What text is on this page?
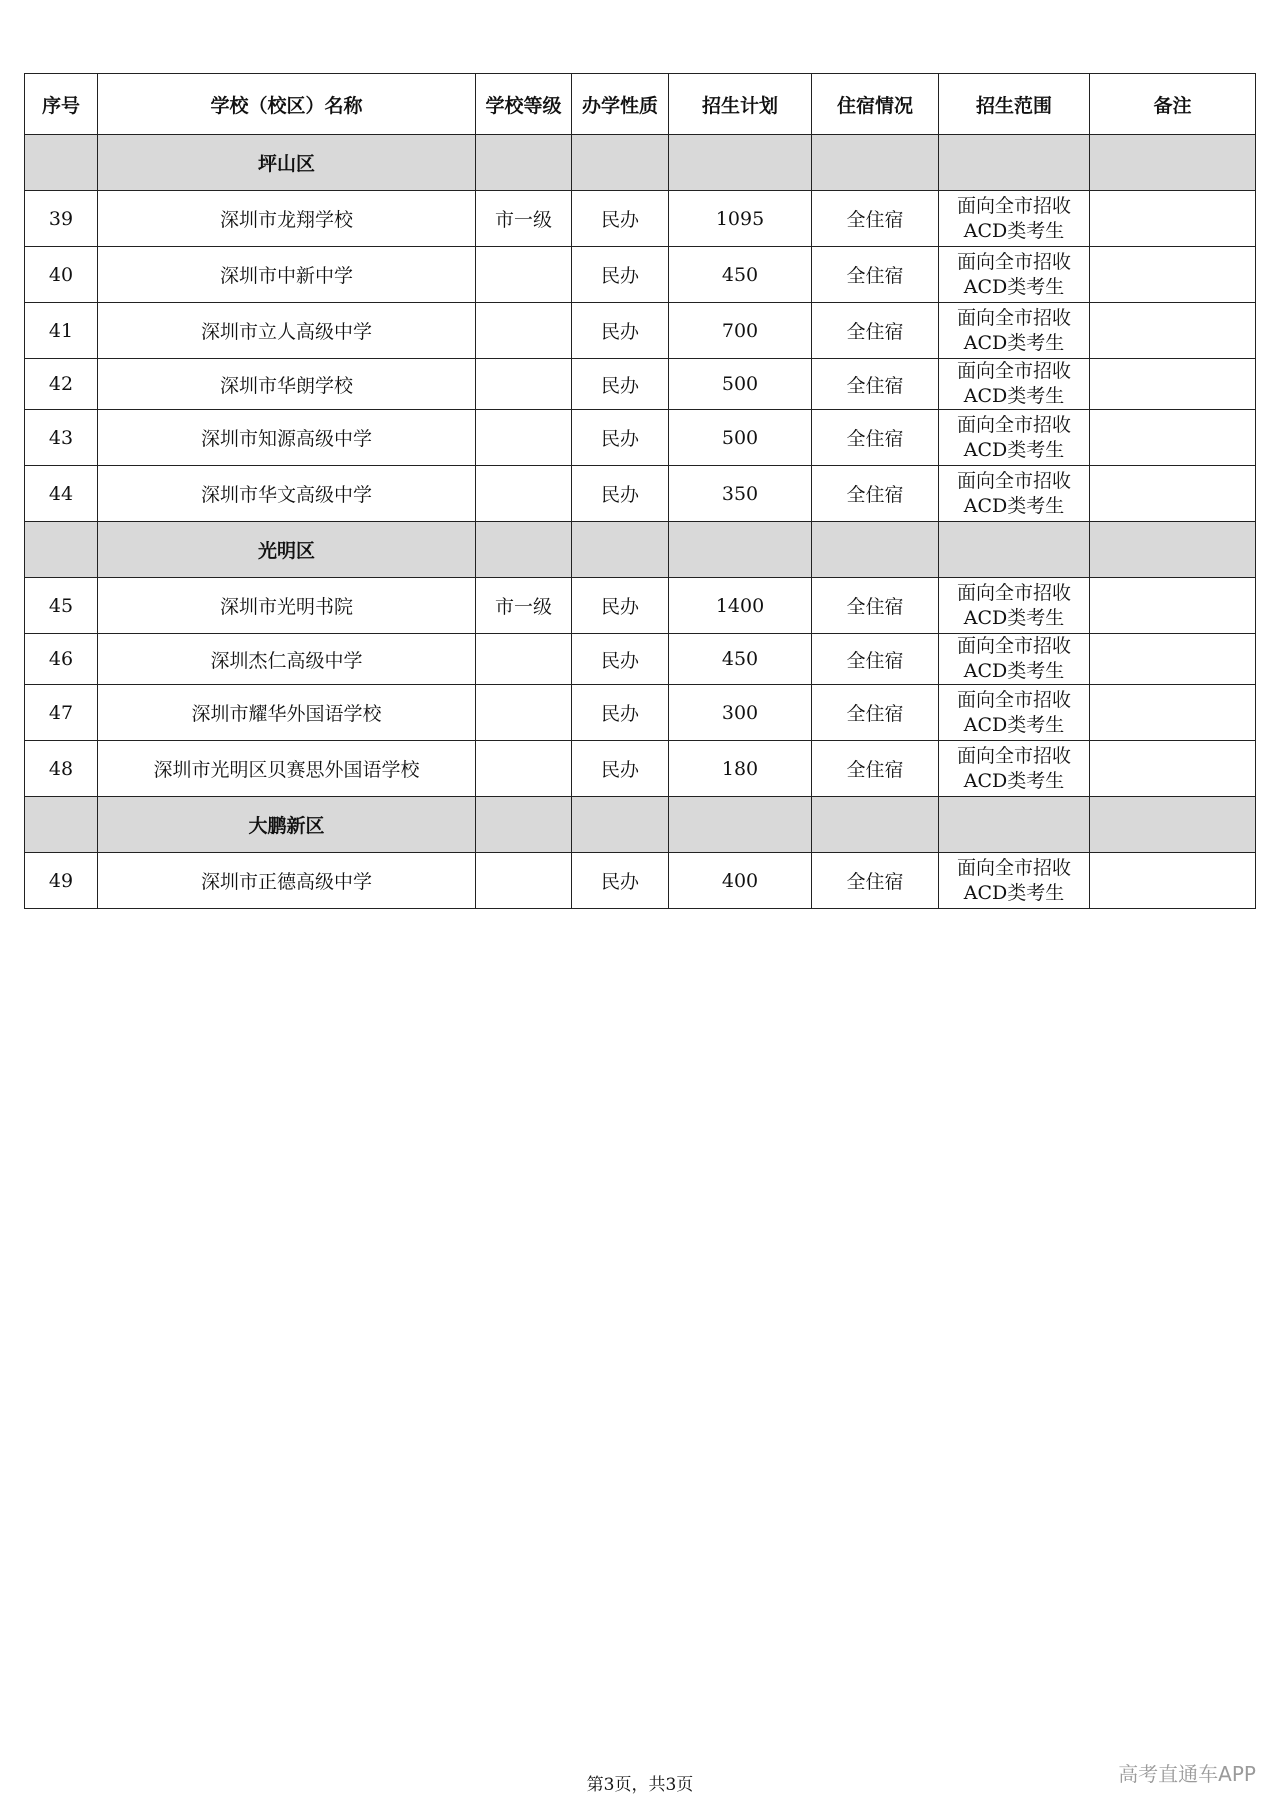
序号	学校（校区）名称	学校等级	办学性质	招生计划	住宿情况	招生范围	备注
	坪山区						
39	深圳市龙翔学校	市一级	民办	1095	全住宿	面向全市招收
ACD类考生	

40	深圳市中新中学		民办	450	全住宿	面向全市招收
ACD类考生	

41	深圳市立人高级中学		民办	700	全住宿	面向全市招收
ACD类考生	

42	深圳市华朗学校		民办	500	全住宿	面向全市招收
ACD类考生	

43	深圳市知源高级中学		民办	500	全住宿	面向全市招收
ACD类考生	

44	深圳市华文高级中学		民办	350	全住宿	面向全市招收
ACD类考生	

	光明区						
45	深圳市光明书院	市一级	民办	1400	全住宿	面向全市招收
ACD类考生	

46	深圳杰仁高级中学		民办	450	全住宿	面向全市招收
ACD类考生	

47	深圳市耀华外国语学校		民办	300	全住宿	面向全市招收
ACD类考生	

48	深圳市光明区贝赛思外国语学校		民办	180	全住宿	面向全市招收
ACD类考生	

	大鹏新区						
49	深圳市正德高级中学		民办	400	全住宿	面向全市招收
ACD类考生	

第3页，共3页	高考直通车APP
